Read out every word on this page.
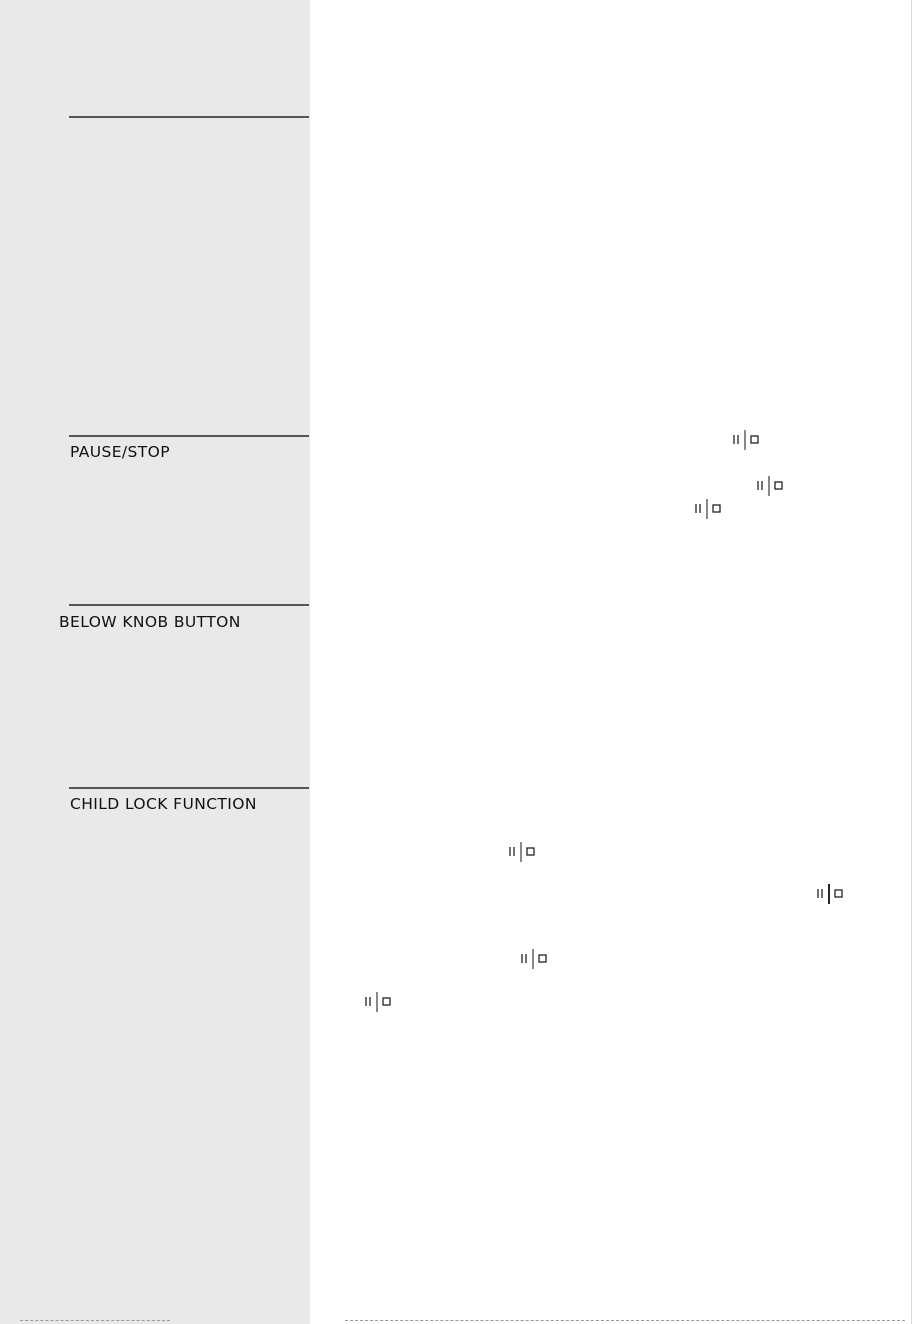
PAUSE/STOP
BELOW KNOB BUTTON
CHILD LOCK FUNCTION
